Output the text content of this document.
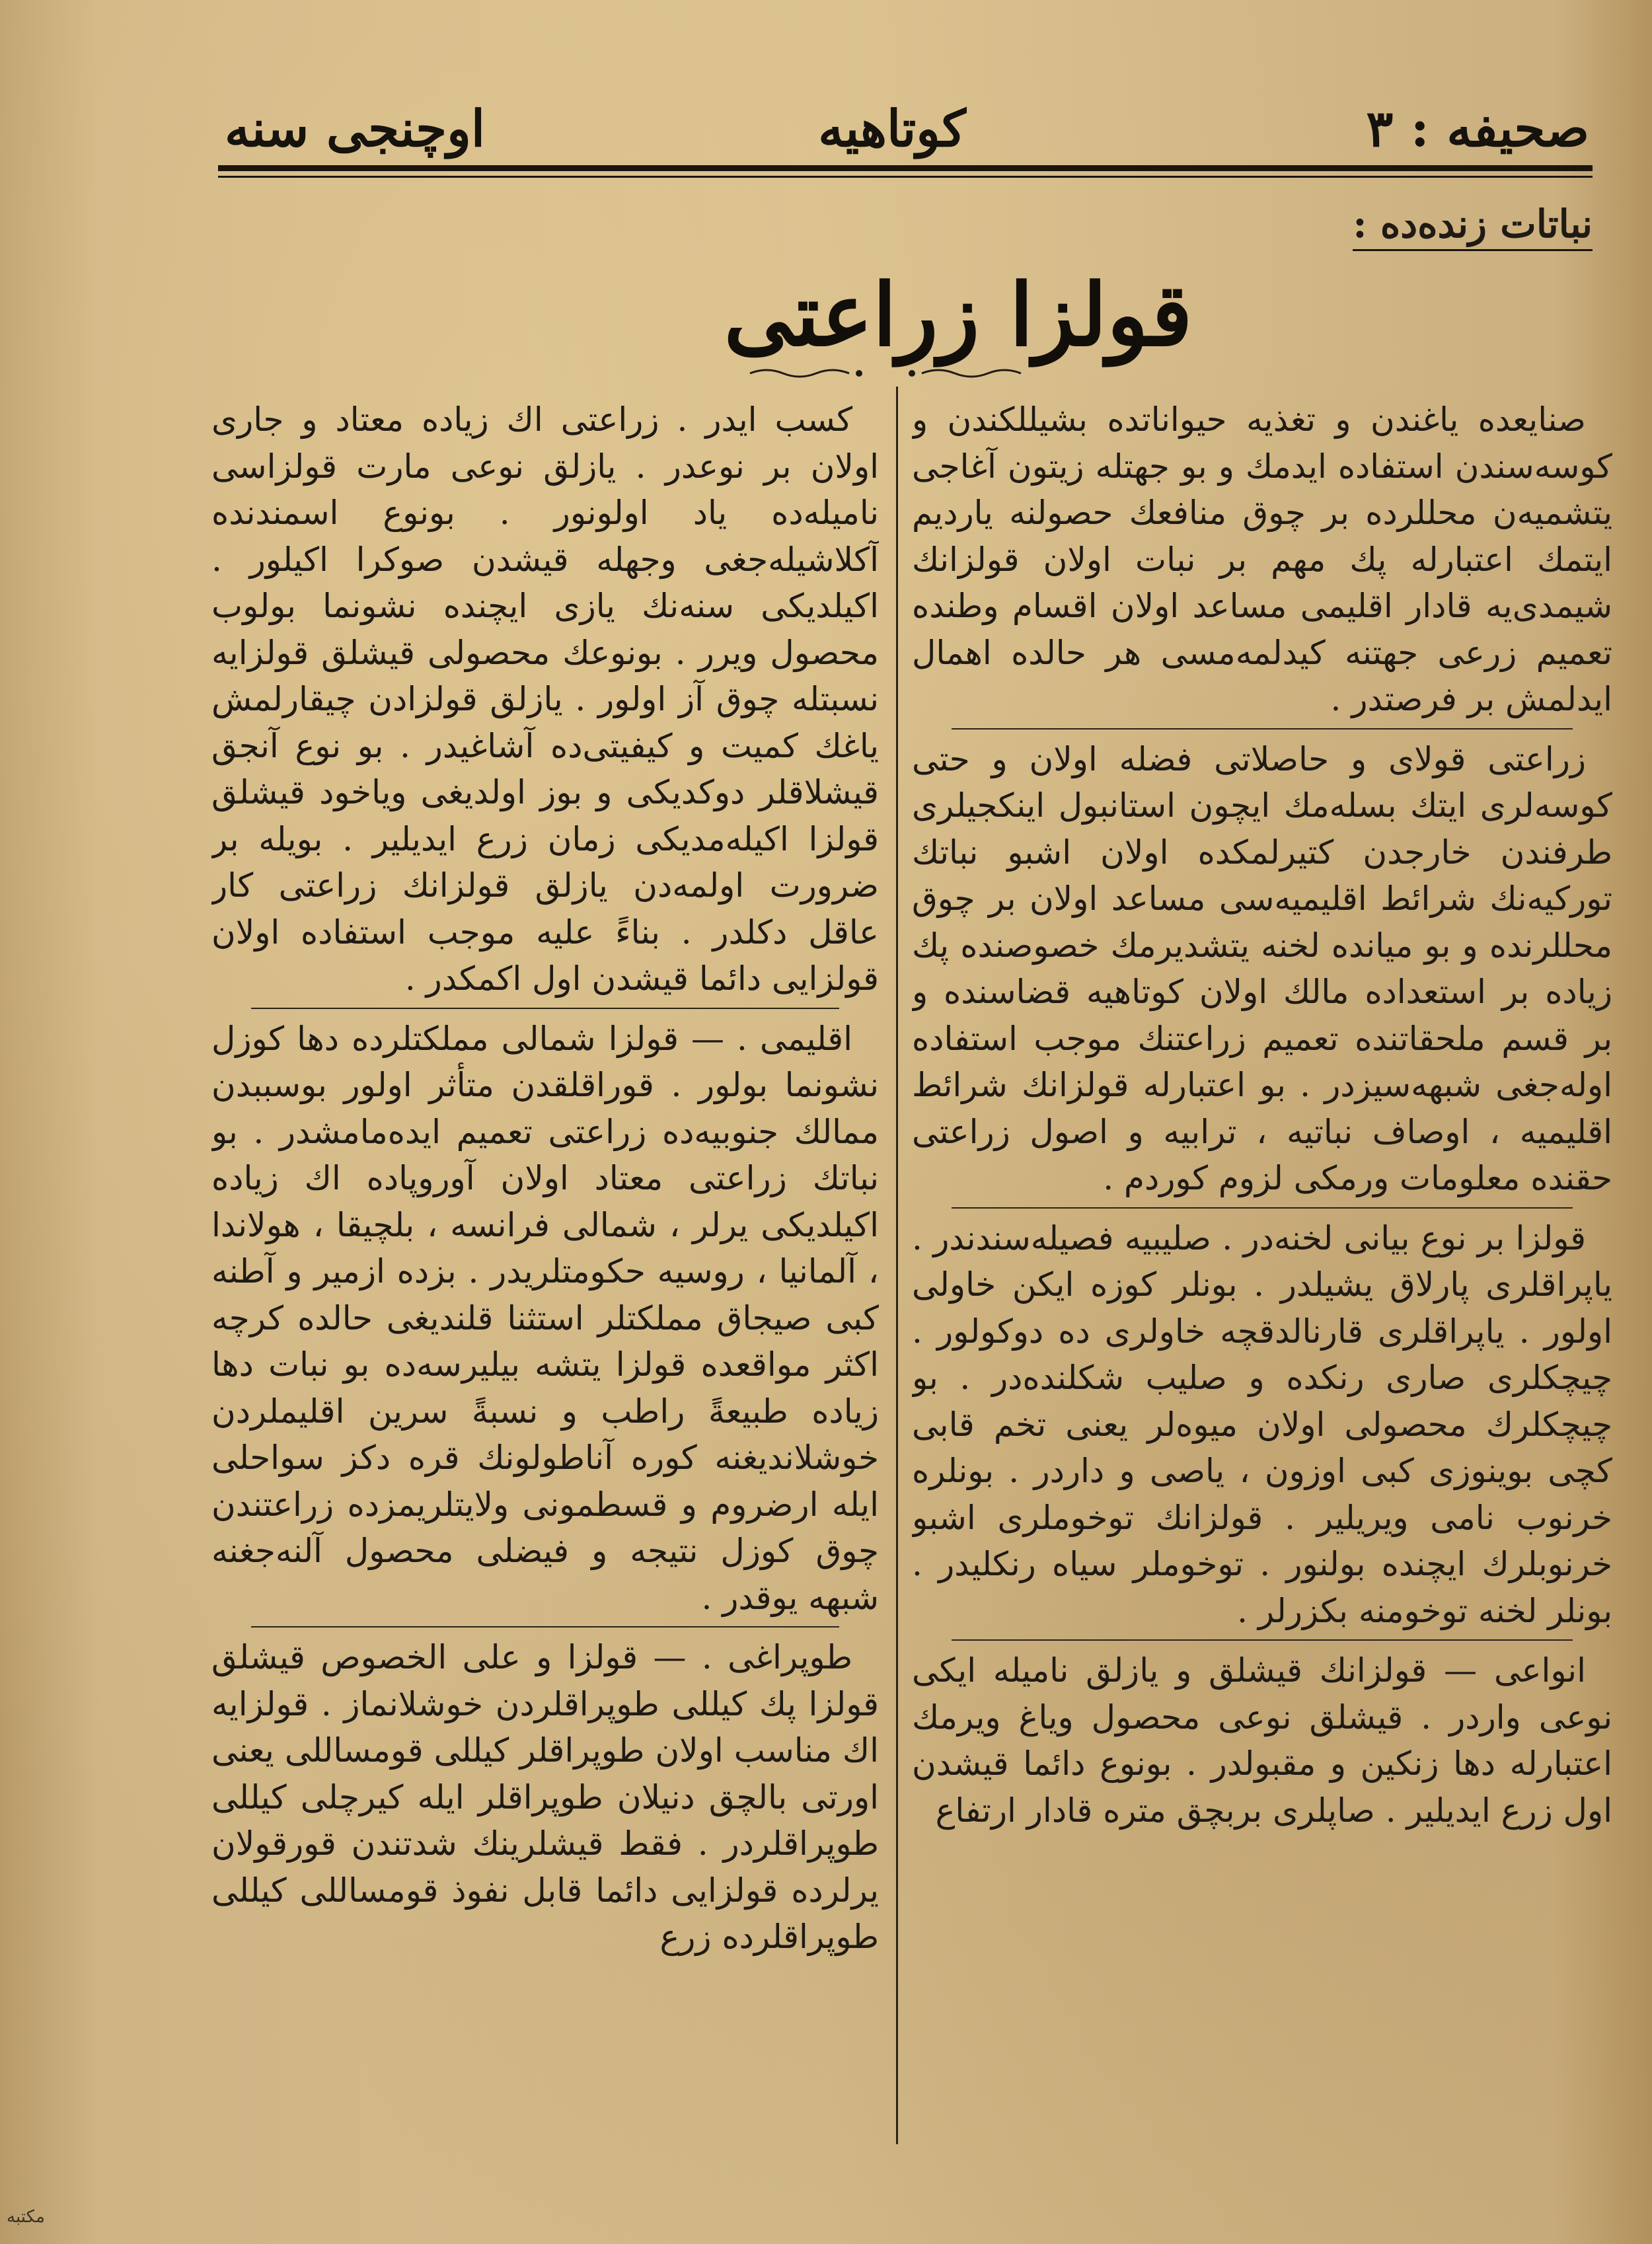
صحيفه : ٣
كوتاهيه
اوچنجى سنه
نباتات زنده‌ده :
قولزا زراعتى

صنايعده ياغندن و تغذيه حيواناتده بشيللكندن و كوسه‌سندن استفاده ايدمك و بو جهتله زيتون آغاجى يتشميه‌ن محللرده بر چوق منافعك حصولنه ياردیم ايتمك اعتبارله پك مهم بر نبات اولان قولزانك شيمدى‌يه قادار اقليمى مساعد اولان اقسام وطنده تعميم زرعى جهتنه كيدلمه‌مسى هر حالده اهمال ايدلمش بر فرصتدر .

زراعتى قولاى و حاصلاتى فضله اولان و حتى كوسه‌لرى ايتك بسله‌مك ايچون استانبول اينكجيلرى طرفندن خارجدن كتيرلمكده اولان اشبو نباتك توركيه‌نك شرائط اقليميه‌سى مساعد اولان بر چوق محللرنده و بو ميانده لخنه يتشديرمك خصوصنده پك زياده بر استعداده مالك اولان كوتاهيه قضاسنده و بر قسم ملحقاتنده تعميم زراعتنك موجب استفاده اوله‌جغى شبهه‌سيزدر . بو اعتبارله قولزانك شرائط اقليميه ، اوصاف نباتيه ، ترابيه و اصول زراعتى حقنده معلومات ورمكى لزوم كوردم .

قولزا بر نوع بيانى لخنه‌در . صليبيه فصيله‌سندندر . ياپراقلرى پارلاق يشيلدر . بونلر كوزه ايكن خاولى اولور . ياپراقلرى قارنالدقچه خاولرى ده دوكولور . چيچكلرى صارى رنكده و صليب شكلنده‌در . بو چيچكلرك محصولى اولان ميوه‌لر يعنى تخم قابى كچى بوينوزى كبى اوزون ، ياصى و داردر . بونلره خرنوب نامى ويريلير . قولزانك توخوملرى اشبو خرنوبلرك ايچنده بولنور . توخوملر سياه رنكلیدر . بونلر لخنه توخومنه بكزرلر .

انواعى — قولزانك قيشلق و يازلق ناميله ايكى نوعى واردر . قيشلق نوعى محصول وياغ ويرمك اعتبارله دها زنكين و مقبولدر . بونوع دائما قيشدن اول زرع ايديلير . صاپلرى بربچق متره قادار ارتفاع

كسب ايدر . زراعتى اك زياده معتاد و جارى اولان بر نوعدر . يازلق نوعى مارت قولزاسى ناميله‌ده ياد اولونور . بونوع اسمندنده آكلاشيله‌جغى وجهله قيشدن صوكرا اكيلور . اكيلديكى سنه‌نك يازى ايچنده نشونما بولوب محصول ويرر . بونوعك محصولى قيشلق قولزايه نسبتله چوق آز اولور . يازلق قولزادن چيقارلمش ياغك كميت و كيفيتى‌ده آشاغيدر . بو نوع آنجق قيشلاقلر دوكديكى و بوز اولديغى وياخود قيشلق قولزا اكيله‌مديكى زمان زرع ايديلير . بويله بر ضرورت اولمه‌دن يازلق قولزانك زراعتى كار عاقل دكلدر . بناءً عليه موجب استفاده اولان قولزايى دائما قيشدن اول اكمكدر .

اقليمى . — قولزا شمالى مملكتلرده دها كوزل نشونما بولور . قوراقلقدن متأثر اولور بوسببدن ممالك جنوبيه‌ده زراعتى تعميم ايده‌مامشدر . بو نباتك زراعتى معتاد اولان آوروپاده اك زياده اكيلديكى يرلر ، شمالى فرانسه ، بلچيقا ، هولاندا ، آلمانيا ، روسيه حكومتلريدر . بزده ازمير و آطنه كبى صيجاق مملكتلر استثنا قلنديغى حالده كرچه اكثر مواقعده قولزا يتشه بيليرسه‌ده بو نبات دها زياده طبيعةً راطب و نسبةً سرين اقليملردن خوشلانديغنه كوره آناطولونك قره دكز سواحلى ايله ارضروم و قسطمونى ولايتلريمزده زراعتندن چوق كوزل نتيجه و فيضلى محصول آلنه‌جغنه شبهه يوقدر .

طوپراغى . — قولزا و على الخصوص قيشلق قولزا پك كيللى طوپراقلردن خوشلانماز . قولزايه اك مناسب اولان طوپراقلر كيللى قومساللى يعنى اورتى بالچق دنيلان طوپراقلر ايله كيرچلى كيللى طوپراقلردر . فقط قيشلرينك شدتندن قورقولان يرلرده قولزايى دائما قابل نفوذ قومساللى كيللى طوپراقلرده زرع

ﻣﻜﺘﺒﻪ
